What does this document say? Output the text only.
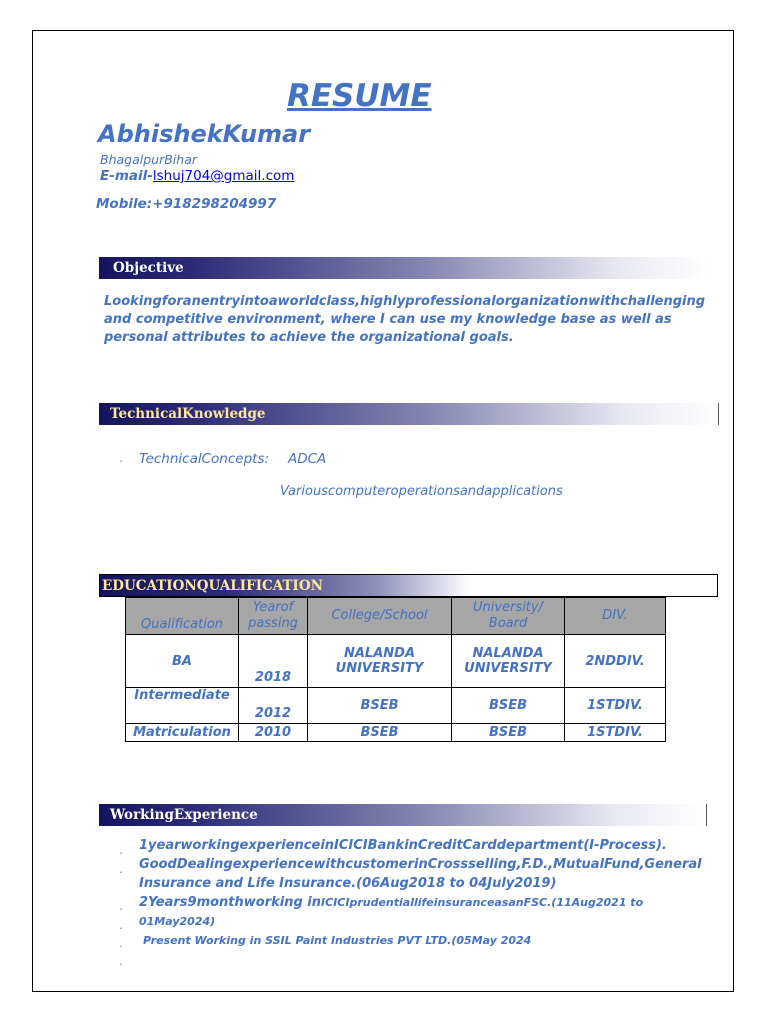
RESUME
AbhishekKumar
BhagalpurBihar
E-mail-lshuj704@gmail.com
Mobile:+918298204997
Objective
Lookingforanentryintoaworldclass,highlyprofessionalorganizationwithchallenging and competitive environment, where I can use my knowledge base as well as personal attributes to achieve the organizational goals.
TechnicalKnowledge
ˇ TechnicalConcepts: ADCA
Variouscomputeroperationsandapplications
EDUCATIONQUALIFICATION
Qualification	Yearof passing	College/School	University/ Board	DIV.
BA	2018	NALANDA UNIVERSITY	NALANDA UNIVERSITY	2NDDIV.
Intermediate	2012	BSEB	BSEB	1STDIV.
Matriculation	2010	BSEB	BSEB	1STDIV.
WorkingExperience
ˇ
ˇ
ˇ
ˇ
ˇ
ˇ
1yearworkingexperienceinICICIBankinCreditCarddepartment(I-Process).
GoodDealingexperiencewithcustomerinCrossselling,F.D.,MutualFund,General Insurance and Life Insurance.(06Aug2018 to 04July2019)
2Years9monthworking inICICIprudentiallifeinsuranceasanFSC.(11Aug2021 to 01May2024)
Present Working in SSIL Paint Industries PVT LTD.(05May 2024
